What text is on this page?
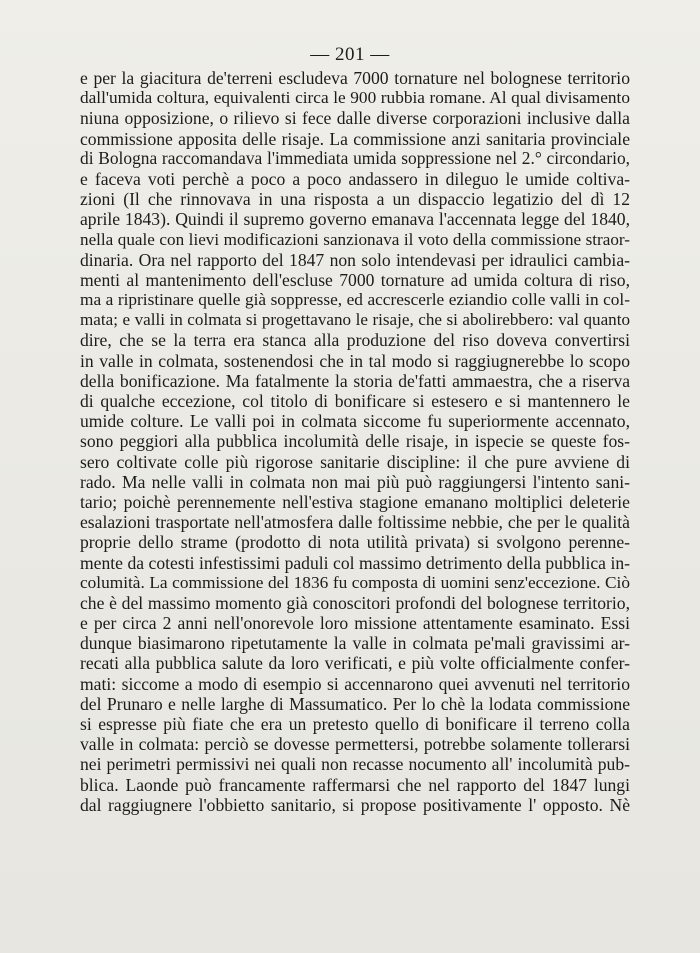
— 201 —
e per la giacitura de'terreni escludeva 7000 tornature nel bolognese territorio
dall'umida coltura, equivalenti circa le 900 rubbia romane. Al qual divisamento
niuna opposizione, o rilievo si fece dalle diverse corporazioni inclusive dalla
commissione apposita delle risaje. La commissione anzi sanitaria provinciale
di Bologna raccomandava l'immediata umida soppressione nel 2.° circondario,
e faceva voti perchè a poco a poco andassero in dileguo le umide coltiva-
zioni (Il che rinnovava in una risposta a un dispaccio legatizio del dì 12
aprile 1843). Quindi il supremo governo emanava l'accennata legge del 1840,
nella quale con lievi modificazioni sanzionava il voto della commissione straor-
dinaria. Ora nel rapporto del 1847 non solo intendevasi per idraulici cambia-
menti al mantenimento dell'escluse 7000 tornature ad umida coltura di riso,
ma a ripristinare quelle già soppresse, ed accrescerle eziandio colle valli in col-
mata; e valli in colmata si progettavano le risaje, che si abolirebbero: val quanto
dire, che se la terra era stanca alla produzione del riso doveva convertirsi
in valle in colmata, sostenendosi che in tal modo si raggiugnerebbe lo scopo
della bonificazione. Ma fatalmente la storia de'fatti ammaestra, che a riserva
di qualche eccezione, col titolo di bonificare si estesero e si mantennero le
umide colture. Le valli poi in colmata siccome fu superiormente accennato,
sono peggiori alla pubblica incolumità delle risaje, in ispecie se queste fos-
sero coltivate colle più rigorose sanitarie discipline: il che pure avviene di
rado. Ma nelle valli in colmata non mai più può raggiungersi l'intento sani-
tario; poichè perennemente nell'estiva stagione emanano moltiplici deleterie
esalazioni trasportate nell'atmosfera dalle foltissime nebbie, che per le qualità
proprie dello strame (prodotto di nota utilità privata) si svolgono perenne-
mente da cotesti infestissimi paduli col massimo detrimento della pubblica in-
columità. La commissione del 1836 fu composta di uomini senz'eccezione. Ciò
che è del massimo momento già conoscitori profondi del bolognese territorio,
e per circa 2 anni nell'onorevole loro missione attentamente esaminato. Essi
dunque biasimarono ripetutamente la valle in colmata pe'mali gravissimi ar-
recati alla pubblica salute da loro verificati, e più volte officialmente confer-
mati: siccome a modo di esempio si accennarono quei avvenuti nel territorio
del Prunaro e nelle larghe di Massumatico. Per lo chè la lodata commissione
si espresse più fiate che era un pretesto quello di bonificare il terreno colla
valle in colmata: perciò se dovesse permettersi, potrebbe solamente tollerarsi
nei perimetri permissivi nei quali non recasse nocumento all' incolumità pub-
blica. Laonde può francamente raffermarsi che nel rapporto del 1847 lungi
dal raggiugnere l'obbietto sanitario, si propose positivamente l' opposto. Nè
